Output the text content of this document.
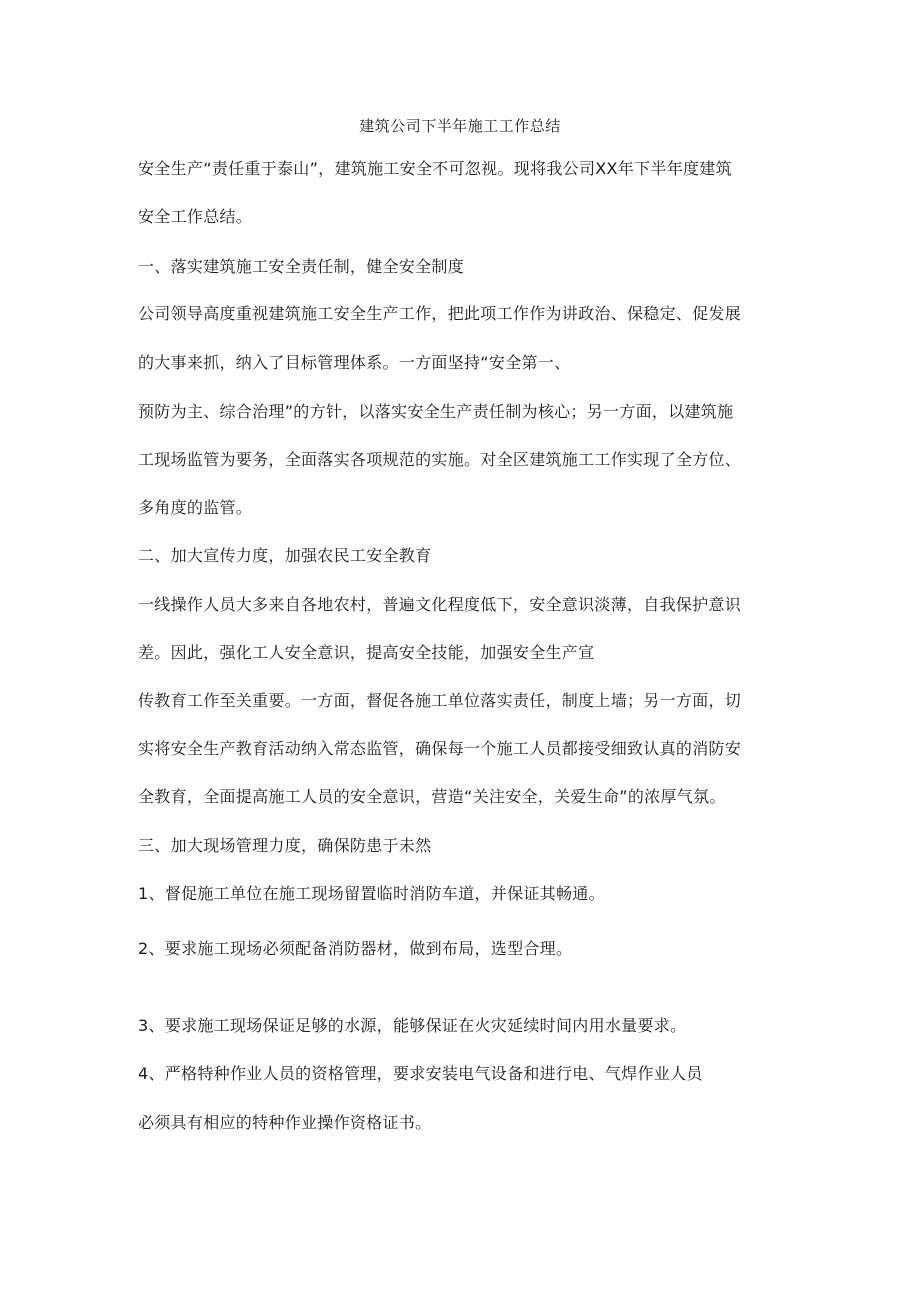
建筑公司下半年施工工作总结
安全生产“责任重于泰山”，建筑施工安全不可忽视。现将我公司XX年下半年度建筑
安全工作总结。
一、落实建筑施工安全责任制，健全安全制度
公司领导高度重视建筑施工安全生产工作，把此项工作作为讲政治、保稳定、促发展
的大事来抓，纳入了目标管理体系。一方面坚持“安全第一、
预防为主、综合治理”的方针，以落实安全生产责任制为核心；另一方面，以建筑施
工现场监管为要务，全面落实各项规范的实施。对全区建筑施工工作实现了全方位、
多角度的监管。
二、加大宣传力度，加强农民工安全教育
一线操作人员大多来自各地农村，普遍文化程度低下，安全意识淡薄，自我保护意识
差。因此，强化工人安全意识，提高安全技能，加强安全生产宣
传教育工作至关重要。一方面，督促各施工单位落实责任，制度上墙；另一方面，切
实将安全生产教育活动纳入常态监管，确保每一个施工人员都接受细致认真的消防安
全教育，全面提高施工人员的安全意识，营造“关注安全，关爱生命”的浓厚气氛。
三、加大现场管理力度，确保防患于未然
1、督促施工单位在施工现场留置临时消防车道，并保证其畅通。
2、要求施工现场必须配备消防器材，做到布局，选型合理。
3、要求施工现场保证足够的水源，能够保证在火灾延续时间内用水量要求。
4、严格特种作业人员的资格管理，要求安装电气设备和进行电、气焊作业人员
必须具有相应的特种作业操作资格证书。
